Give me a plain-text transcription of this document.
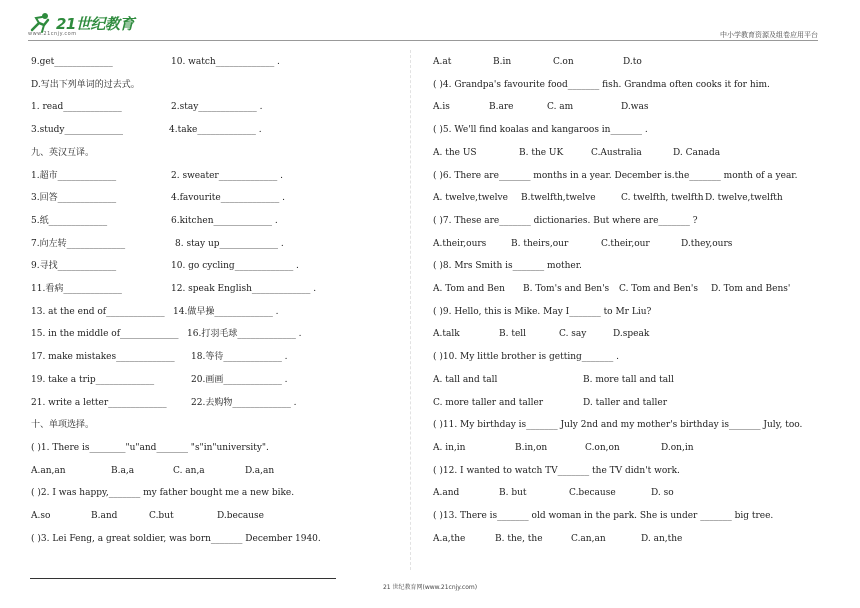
21世纪教育
www.21cnjy.com	中小学教育资源及组卷应用平台
9.get_____________	10. watch_____________ .
D.写出下列单词的过去式。
1. read_____________	2.stay_____________ .
3.study_____________	4.take_____________ .
九、英汉互译。
1.超市_____________	2. sweater_____________ .
3.回答_____________	4.favourite_____________ .
5.纸_____________	6.kitchen_____________ .
7.向左转_____________	8. stay up_____________ .
9.寻找_____________	10. go cycling_____________ .
11.看病_____________	12. speak English_____________ .
13. at the end of_____________ 14.做早操_____________ .
15. in the middle of_____________ 16.打羽毛球_____________ .
17. make mistakes_____________ 18.等待_____________ .
19. take a trip_____________	20.画画_____________ .
21. write a letter_____________	22.去购物_____________ .
十、单项选择。
( )1. There is________"u"and_______ "s"in"university".
A.an,an	B.a,a	C. an,a	D.a,an
( )2. I was happy,_______ my father bought me a new bike.
A.so	B.and	C.but	D.because
( )3. Lei Feng, a great soldier, was born_______ December 1940.
A.at	B.in	C.on	D.to
( )4. Grandpa's favourite food_______ fish. Grandma often cooks it for him.
A.is	B.are	C. am	D.was
( )5. We'll find koalas and kangaroos in_______ .
A. the US	B. the UK	C.Australia	D. Canada
( )6. There are_______ months in a year. December is.the_______ month of a year.
A. twelve,twelve B.twelfth,twelve	C. twelfth, twelfth D. twelve,twelfth
( )7. These are_______ dictionaries. But where are_______ ?
A.their,ours	B. theirs,our	C.their,our	D.they,ours
( )8. Mrs Smith is_______ mother.
A. Tom and Ben B. Tom's and Ben's C. Tom and Ben's D. Tom and Bens'
( )9. Hello, this is Mike. May I_______ to Mr Liu?
A.talk	B. tell	C. say	D.speak
( )10. My little brother is getting_______ .
A. tall and tall	B. more tall and tall
C. more taller and taller	D. taller and taller
( )11. My birthday is_______ July 2nd and my mother's birthday is_______ July, too.
A. in,in	B.in,on	C.on,on	D.on,in
( )12. I wanted to watch TV_______ the TV didn't work.
A.and	B. but	C.because	D. so
( )13. There is_______ old woman in the park. She is under _______ big tree.
A.a,the	B. the, the	C.an,an	D. an,the
21 世纪教育网(www.21cnjy.com)
